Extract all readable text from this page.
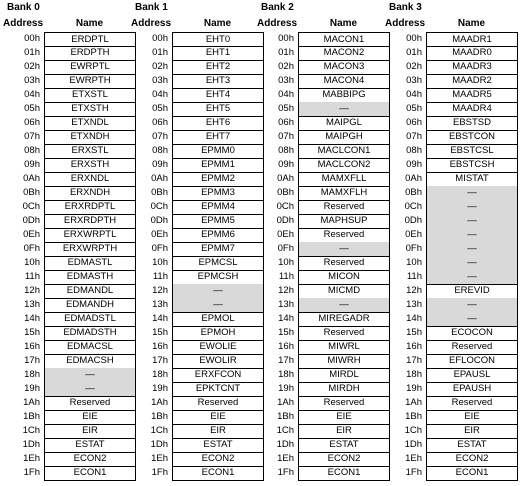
Bank 0
Address	Name
00h	ERDPTL
01h	ERDPTH
02h	EWRPTL
03h	EWRPTH
04h	ETXSTL
05h	ETXSTH
06h	ETXNDL
07h	ETXNDH
08h	ERXSTL
09h	ERXSTH
0Ah	ERXNDL
0Bh	ERXNDH
0Ch	ERXRDPTL
0Dh	ERXRDPTH
0Eh	ERXWRPTL
0Fh	ERXWRPTH
10h	EDMASTL
11h	EDMASTH
12h	EDMANDL
13h	EDMANDH
14h	EDMADSTL
15h	EDMADSTH
16h	EDMACSL
17h	EDMACSH
18h	—
19h	—
1Ah	Reserved
1Bh	EIE
1Ch	EIR
1Dh	ESTAT
1Eh	ECON2
1Fh	ECON1
Bank 1
Address	Name
00h	EHT0
01h	EHT1
02h	EHT2
03h	EHT3
04h	EHT4
05h	EHT5
06h	EHT6
07h	EHT7
08h	EPMM0
09h	EPMM1
0Ah	EPMM2
0Bh	EPMM3
0Ch	EPMM4
0Dh	EPMM5
0Eh	EPMM6
0Fh	EPMM7
10h	EPMCSL
11h	EPMCSH
12h	—
13h	—
14h	EPMOL
15h	EPMOH
16h	EWOLIE
17h	EWOLIR
18h	ERXFCON
19h	EPKTCNT
1Ah	Reserved
1Bh	EIE
1Ch	EIR
1Dh	ESTAT
1Eh	ECON2
1Fh	ECON1
Bank 2
Address	Name
00h	MACON1
01h	MACON2
02h	MACON3
03h	MACON4
04h	MABBIPG
05h	—
06h	MAIPGL
07h	MAIPGH
08h	MACLCON1
09h	MACLCON2
0Ah	MAMXFLL
0Bh	MAMXFLH
0Ch	Reserved
0Dh	MAPHSUP
0Eh	Reserved
0Fh	—
10h	Reserved
11h	MICON
12h	MICMD
13h	—
14h	MIREGADR
15h	Reserved
16h	MIWRL
17h	MIWRH
18h	MIRDL
19h	MIRDH
1Ah	Reserved
1Bh	EIE
1Ch	EIR
1Dh	ESTAT
1Eh	ECON2
1Fh	ECON1
Bank 3
Address	Name
00h	MAADR1
01h	MAADR0
02h	MAADR3
03h	MAADR2
04h	MAADR5
05h	MAADR4
06h	EBSTSD
07h	EBSTCON
08h	EBSTCSL
09h	EBSTCSH
0Ah	MISTAT
0Bh	—
0Ch	—
0Dh	—
0Eh	—
0Fh	—
10h	—
11h	—
12h	EREVID
13h	—
14h	—
15h	ECOCON
16h	Reserved
17h	EFLOCON
18h	EPAUSL
19h	EPAUSH
1Ah	Reserved
1Bh	EIE
1Ch	EIR
1Dh	ESTAT
1Eh	ECON2
1Fh	ECON1
